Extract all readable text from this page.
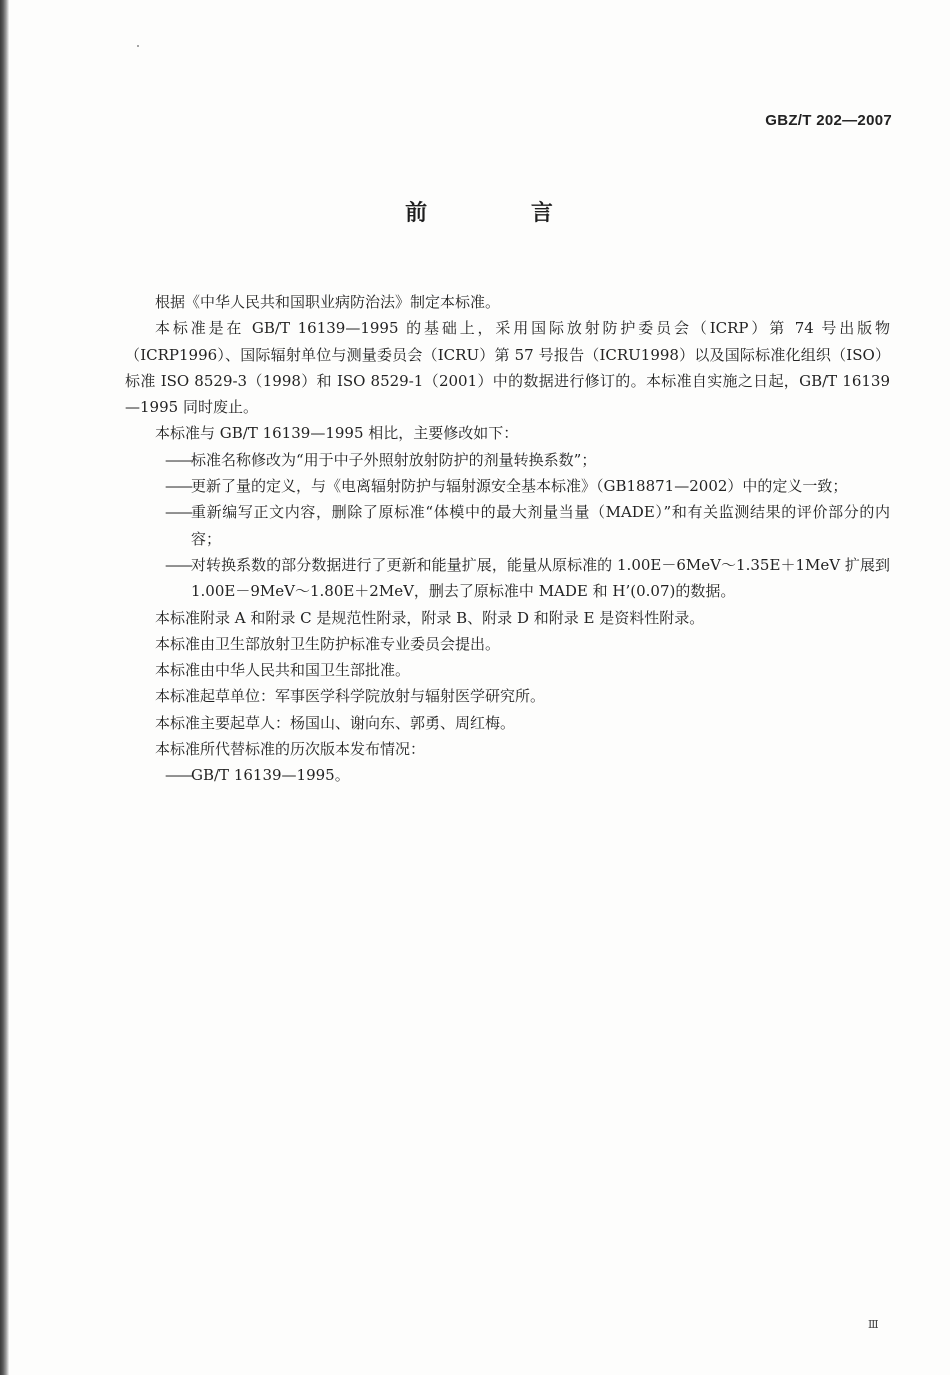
GBZ/T 202—2007
前 言

根据《中华人民共和国职业病防治法》制定本标准。

本标准是在 GB/T 16139—1995 的基础上，采用国际放射防护委员会（ICRP）第 74 号出版物（ICRP1996）、国际辐射单位与测量委员会（ICRU）第 57 号报告（ICRU1998）以及国际标准化组织（ISO）标准 ISO 8529-3（1998）和 ISO 8529-1（2001）中的数据进行修订的。本标准自实施之日起，GB/T 16139—1995 同时废止。

本标准与 GB/T 16139—1995 相比，主要修改如下：

—— 标准名称修改为“用于中子外照射放射防护的剂量转换系数”；

—— 更新了量的定义，与《电离辐射防护与辐射源安全基本标准》（GB18871—2002）中的定义一致；

—— 重新编写正文内容，删除了原标准“体模中的最大剂量当量（MADE）”和有关监测结果的评价部分的内容；

—— 对转换系数的部分数据进行了更新和能量扩展，能量从原标准的 1.00E－6MeV～1.35E＋1MeV 扩展到 1.00E－9MeV～1.80E＋2MeV，删去了原标准中 MADE 和 H’(0.07)的数据。

本标准附录 A 和附录 C 是规范性附录，附录 B、附录 D 和附录 E 是资料性附录。

本标准由卫生部放射卫生防护标准专业委员会提出。

本标准由中华人民共和国卫生部批准。

本标准起草单位：军事医学科学院放射与辐射医学研究所。

本标准主要起草人：杨国山、谢向东、郭勇、周红梅。

本标准所代替标准的历次版本发布情况：

—— GB/T 16139—1995。

Ⅲ
